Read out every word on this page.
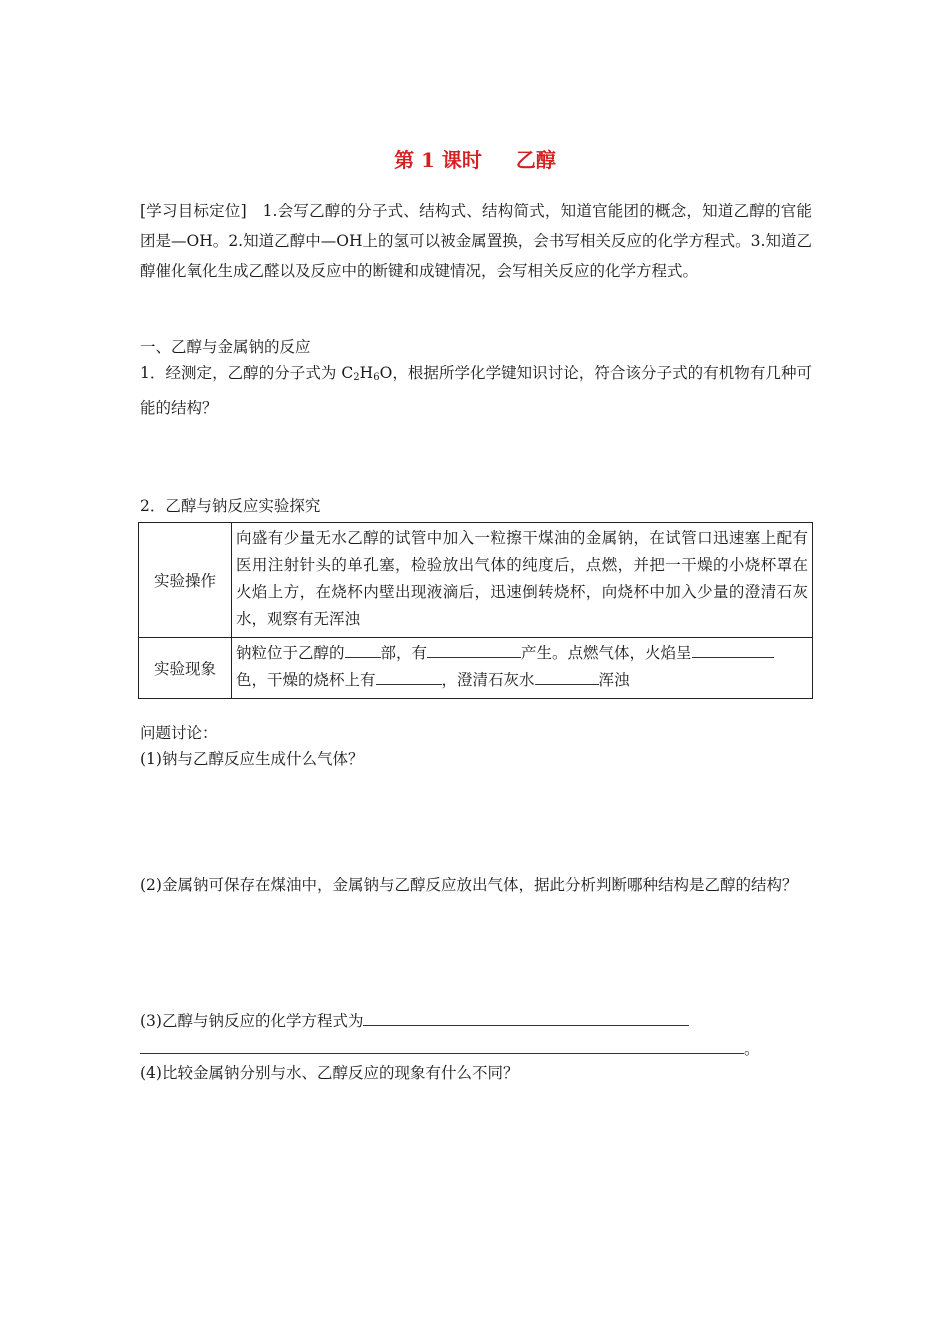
第 1 课时 乙醇
[学习目标定位]　1.会写乙醇的分子式、结构式、结构简式，知道官能团的概念，知道乙醇的官能团是—OH。2.知道乙醇中—OH上的氢可以被金属置换，会书写相关反应的化学方程式。3.知道乙醇催化氧化生成乙醛以及反应中的断键和成键情况，会写相关反应的化学方程式。
一、乙醇与金属钠的反应
1．经测定，乙醇的分子式为 $C_2H_6O$，根据所学化学键知识讨论，符合该分子式的有机物有几种可能的结构？
2．乙醇与钠反应实验探究
实验操作	向盛有少量无水乙醇的试管中加入一粒擦干煤油的金属钠，在试管口迅速塞上配有医用注射针头的单孔塞，检验放出气体的纯度后，点燃，并把一干燥的小烧杯罩在火焰上方，在烧杯内壁出现液滴后，迅速倒转烧杯，向烧杯中加入少量的澄清石灰水，观察有无浑浊
实验现象	钠粒位于乙醇的 部，有 产生。点燃气体，火焰呈
色，干燥的烧杯上有 ，澄清石灰水 浑浊
问题讨论：
(1)钠与乙醇反应生成什么气体？
(2)金属钠可保存在煤油中，金属钠与乙醇反应放出气体，据此分析判断哪种结构是乙醇的结构？
(3)乙醇与钠反应的化学方程式为
。
(4)比较金属钠分别与水、乙醇反应的现象有什么不同？
